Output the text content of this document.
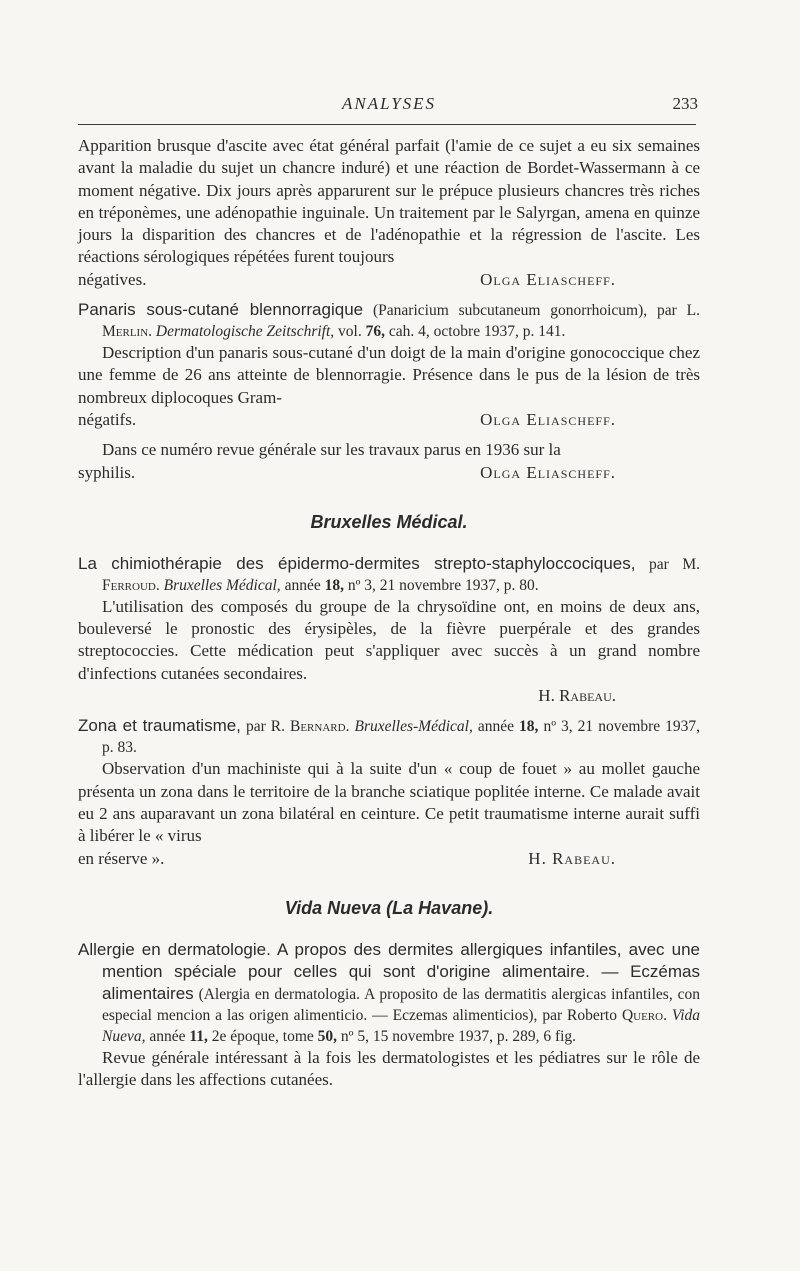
ANALYSES	233

Apparition brusque d'ascite avec état général parfait (l'amie de ce sujet a eu six semaines avant la maladie du sujet un chancre induré) et une réaction de Bordet-Wassermann à ce moment négative. Dix jours après apparurent sur le prépuce plusieurs chancres très riches en tréponèmes, une adénopathie inguinale. Un traitement par le Salyrgan, amena en quinze jours la disparition des chancres et de l'adénopathie et la régression de l'ascite. Les réactions sérologiques répétées furent toujours

négatives.	Olga Eliascheff.

Panaris sous-cutané blennorragique (Panaricium subcutaneum gonorrhoicum), par L. Merlin. Dermatologische Zeitschrift, vol. 76, cah. 4, octobre 1937, p. 141.

Description d'un panaris sous-cutané d'un doigt de la main d'origine gonococcique chez une femme de 26 ans atteinte de blennorragie. Présence dans le pus de la lésion de très nombreux diplocoques Gram-

négatifs.	Olga Eliascheff.

Dans ce numéro revue générale sur les travaux parus en 1936 sur la

syphilis.	Olga Eliascheff.

Bruxelles Médical.
La chimiothérapie des épidermo-dermites strepto-staphyloccociques, par M. Ferroud. Bruxelles Médical, année 18, nº 3, 21 novembre 1937, p. 80.

L'utilisation des composés du groupe de la chrysoïdine ont, en moins de deux ans, bouleversé le pronostic des érysipèles, de la fièvre puerpérale et des grandes streptococcies. Cette médication peut s'appliquer avec succès à un grand nombre d'infections cutanées secondaires.

H. Rabeau.

Zona et traumatisme, par R. Bernard. Bruxelles-Médical, année 18, nº 3, 21 novembre 1937, p. 83.

Observation d'un machiniste qui à la suite d'un « coup de fouet » au mollet gauche présenta un zona dans le territoire de la branche sciatique poplitée interne. Ce malade avait eu 2 ans auparavant un zona bilatéral en ceinture. Ce petit traumatisme interne aurait suffi à libérer le « virus

en réserve ».	H. Rabeau.

Vida Nueva (La Havane).
Allergie en dermatologie. A propos des dermites allergiques infantiles, avec une mention spéciale pour celles qui sont d'origine alimentaire. — Eczémas alimentaires (Alergia en dermatologia. A proposito de las dermatitis alergicas infantiles, con especial mencion a las origen alimenticio. — Eczemas alimenticios), par Roberto Quero. Vida Nueva, année 11, 2e époque, tome 50, nº 5, 15 novembre 1937, p. 289, 6 fig.

Revue générale intéressant à la fois les dermatologistes et les pédiatres sur le rôle de l'allergie dans les affections cutanées.
